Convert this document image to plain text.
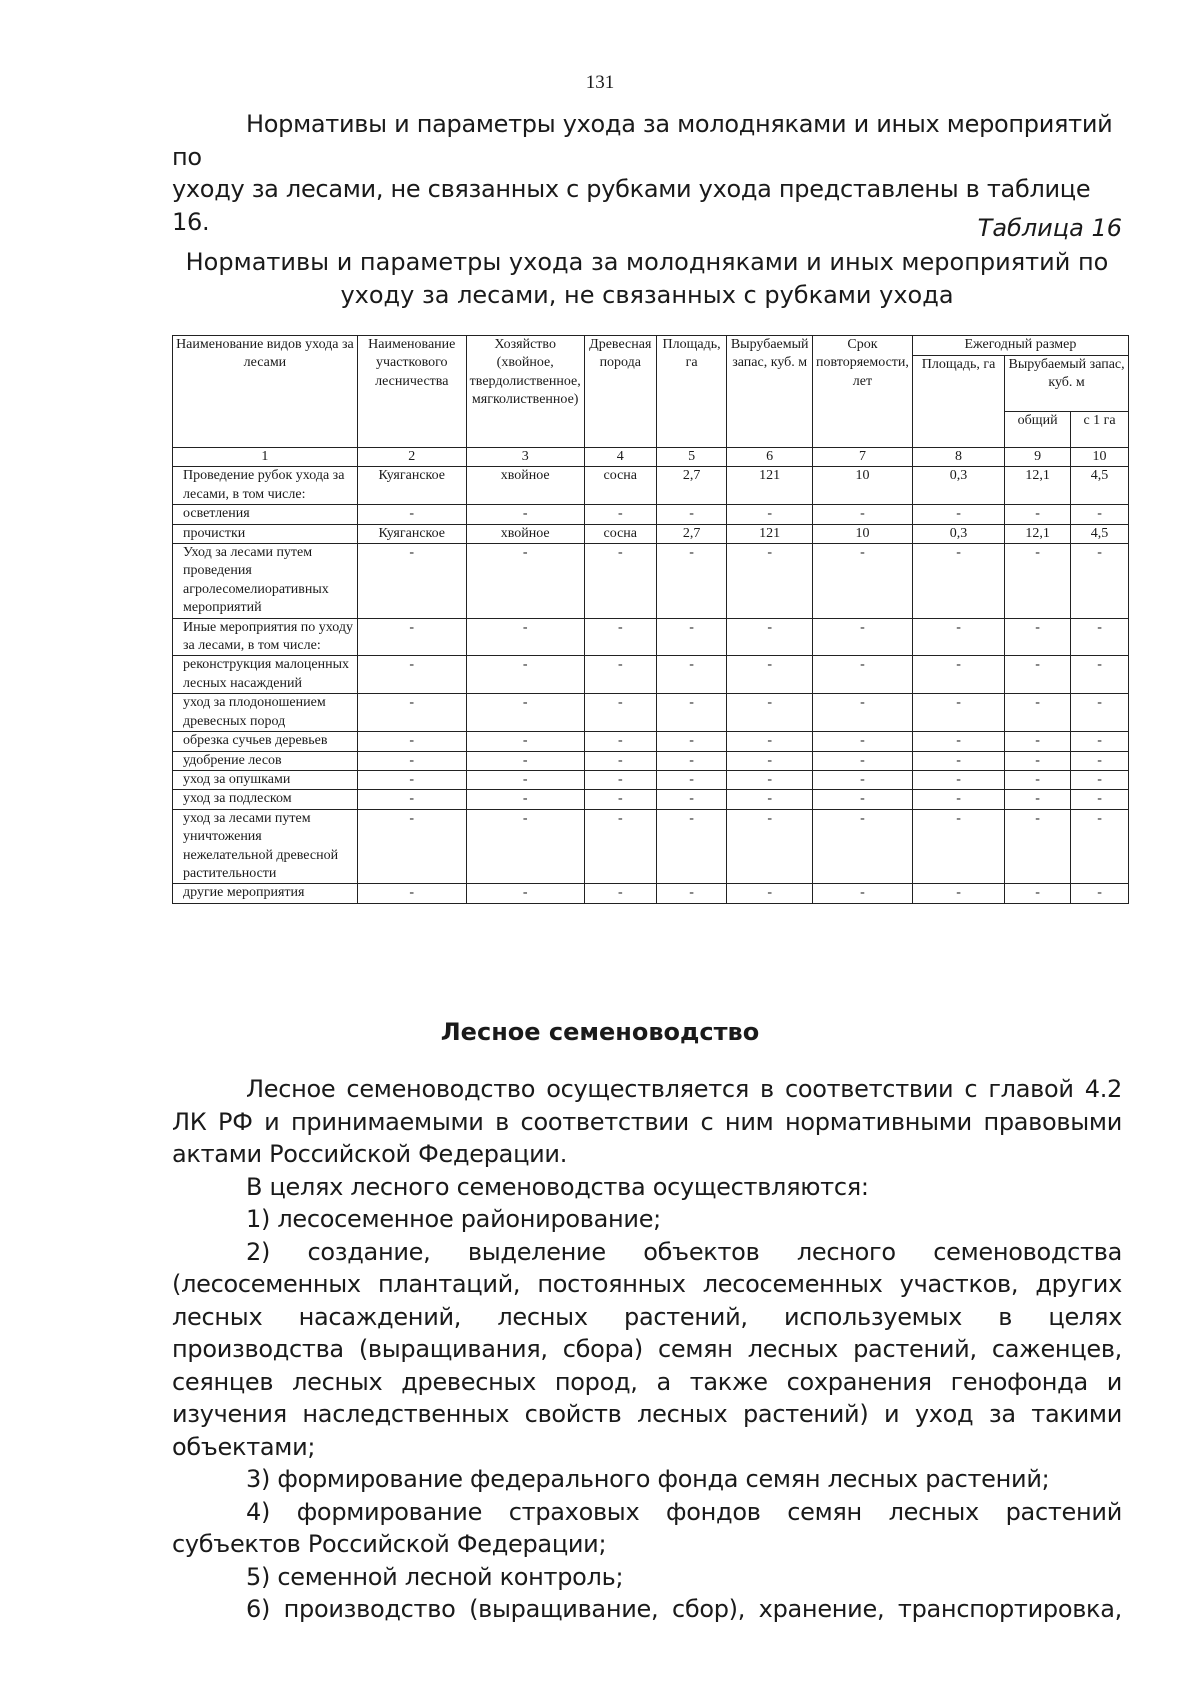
131
Нормативы и параметры ухода за молодняками и иных мероприятий по
уходу за лесами, не связанных с рубками ухода представлены в таблице 16.	Таблица 16
Нормативы и параметры ухода за молодняками и иных мероприятий по
уходу за лесами, не связанных с рубками ухода
Наименование видов ухода за лесами	Наименование участкового лесничества	Хозяйство (хвойное, твердолиственное, мягколиственное)	Древесная порода	Площадь, га	Вырубаемый запас, куб. м	Срок повторяемости, лет	Ежегодный размер		
							Площадь, га	Вырубаемый запас, куб. м	
								общий	с 1 га
1	2	3	4	5	6	7	8	9	10
Проведение рубок ухода за лесами, в том числе:	Куяганское	хвойное	сосна	2,7	121	10	0,3	12,1	4,5
осветления	-	-	-	-	-	-	-	-	-
прочистки	Куяганское	хвойное	сосна	2,7	121	10	0,3	12,1	4,5
Уход за лесами путем проведения агролесомелиоративных мероприятий	-	-	-	-	-	-	-	-	-
Иные мероприятия по уходу за лесами, в том числе:	-	-	-	-	-	-	-	-	-
реконструкция малоценных лесных насаждений	-	-	-	-	-	-	-	-	-
уход за плодоношением древесных пород	-	-	-	-	-	-	-	-	-
обрезка сучьев деревьев	-	-	-	-	-	-	-	-	-
удобрение лесов	-	-	-	-	-	-	-	-	-
уход за опушками	-	-	-	-	-	-	-	-	-
уход за подлеском	-	-	-	-	-	-	-	-	-
уход за лесами путем уничтожения нежелательной древесной растительности	-	-	-	-	-	-	-	-	-
другие мероприятия	-	-	-	-	-	-	-	-	-
Лесное семеноводство
Лесное семеноводство осуществляется в соответствии с главой 4.2 ЛК РФ и принимаемыми в соответствии с ним нормативными правовыми актами Российской Федерации.
В целях лесного семеноводства осуществляются:
1) лесосеменное районирование;
2) создание, выделение объектов лесного семеноводства (лесосеменных плантаций, постоянных лесосеменных участков, других лесных насаждений, лесных растений, используемых в целях производства (выращивания, сбора) семян лесных растений, саженцев, сеянцев лесных древесных пород, а также сохранения генофонда и изучения наследственных свойств лесных растений) и уход за такими объектами;
3) формирование федерального фонда семян лесных растений;
4) формирование страховых фондов семян лесных растений субъектов Российской Федерации;
5) семенной лесной контроль;
6) производство (выращивание, сбор), хранение, транспортировка,
